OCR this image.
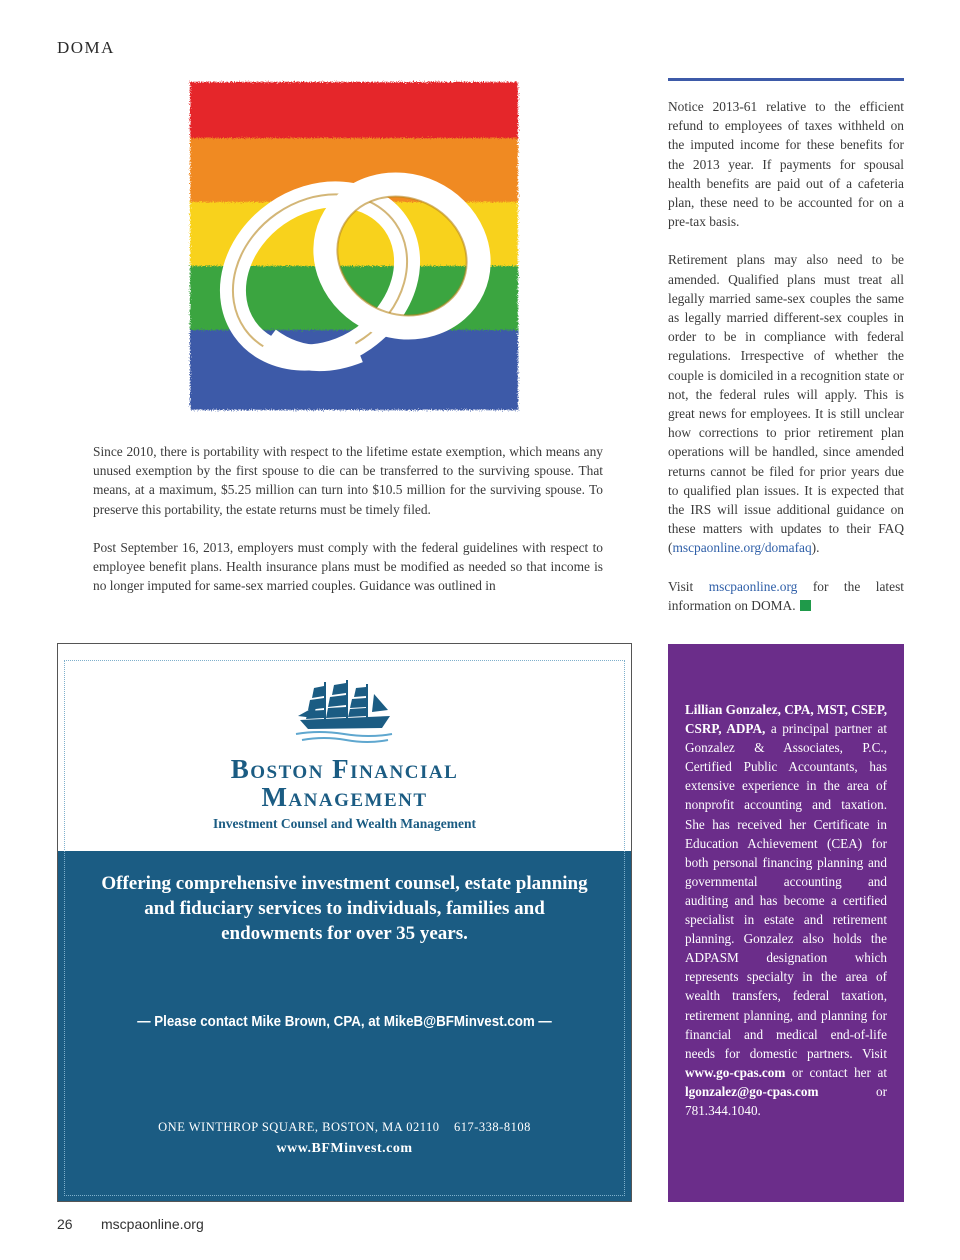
DOMA

Since 2010, there is portability with respect to the lifetime estate exemption, which means any unused exemption by the first spouse to die can be transferred to the surviving spouse. That means, at a maximum, $5.25 million can turn into $10.5 million for the surviving spouse. To preserve this portability, the estate returns must be timely filed.

Post September 16, 2013, employers must comply with the federal guidelines with respect to employee benefit plans. Health insurance plans must be modified as needed so that income is no longer imputed for same-sex married couples. Guidance was outlined in

Notice 2013-61 relative to the efficient refund to employees of taxes withheld on the imputed income for these benefits for the 2013 year. If payments for spousal health benefits are paid out of a cafeteria plan, these need to be accounted for on a pre-tax basis.

Retirement plans may also need to be amended. Qualified plans must treat all legally married same-sex couples the same as legally married different-sex couples in order to be in compliance with federal regulations. Irrespective of whether the couple is domiciled in a recognition state or not, the federal rules will apply. This is great news for employees. It is still unclear how corrections to prior retirement plan operations will be handled, since amended returns cannot be filed for prior years due to qualified plan issues. It is expected that the IRS will issue additional guidance on these matters with updates to their FAQ (mscpaonline.org/domafaq).

Visit mscpaonline.org for the latest information on DOMA.

Boston Financial
Management
Investment Counsel and Wealth Management
Offering comprehensive investment counsel, estate planning and fiduciary services to individuals, families and endowments for over 35 years.
— Please contact Mike Brown, CPA, at MikeB@BFMinvest.com —
ONE WINTHROP SQUARE, BOSTON, MA 02110    617-338-8108
www.BFMinvest.com
Lillian Gonzalez, CPA, MST, CSEP, CSRP, ADPA, a principal partner at Gonzalez & Associates, P.C., Certified Public Accountants, has extensive experience in the area of nonprofit accounting and taxation. She has received her Certificate in Education Achievement (CEA) for both personal financing planning and governmental accounting and auditing and has become a certified specialist in estate and retirement planning. Gonzalez also holds the ADPASM designation which represents specialty in the area of wealth transfers, federal taxation, retirement planning, and planning for financial and medical end-of-life needs for domestic partners. Visit www.go-cpas.com or contact her at lgonzalez@go-cpas.com or 781.344.1040.
26 mscpaonline.org
